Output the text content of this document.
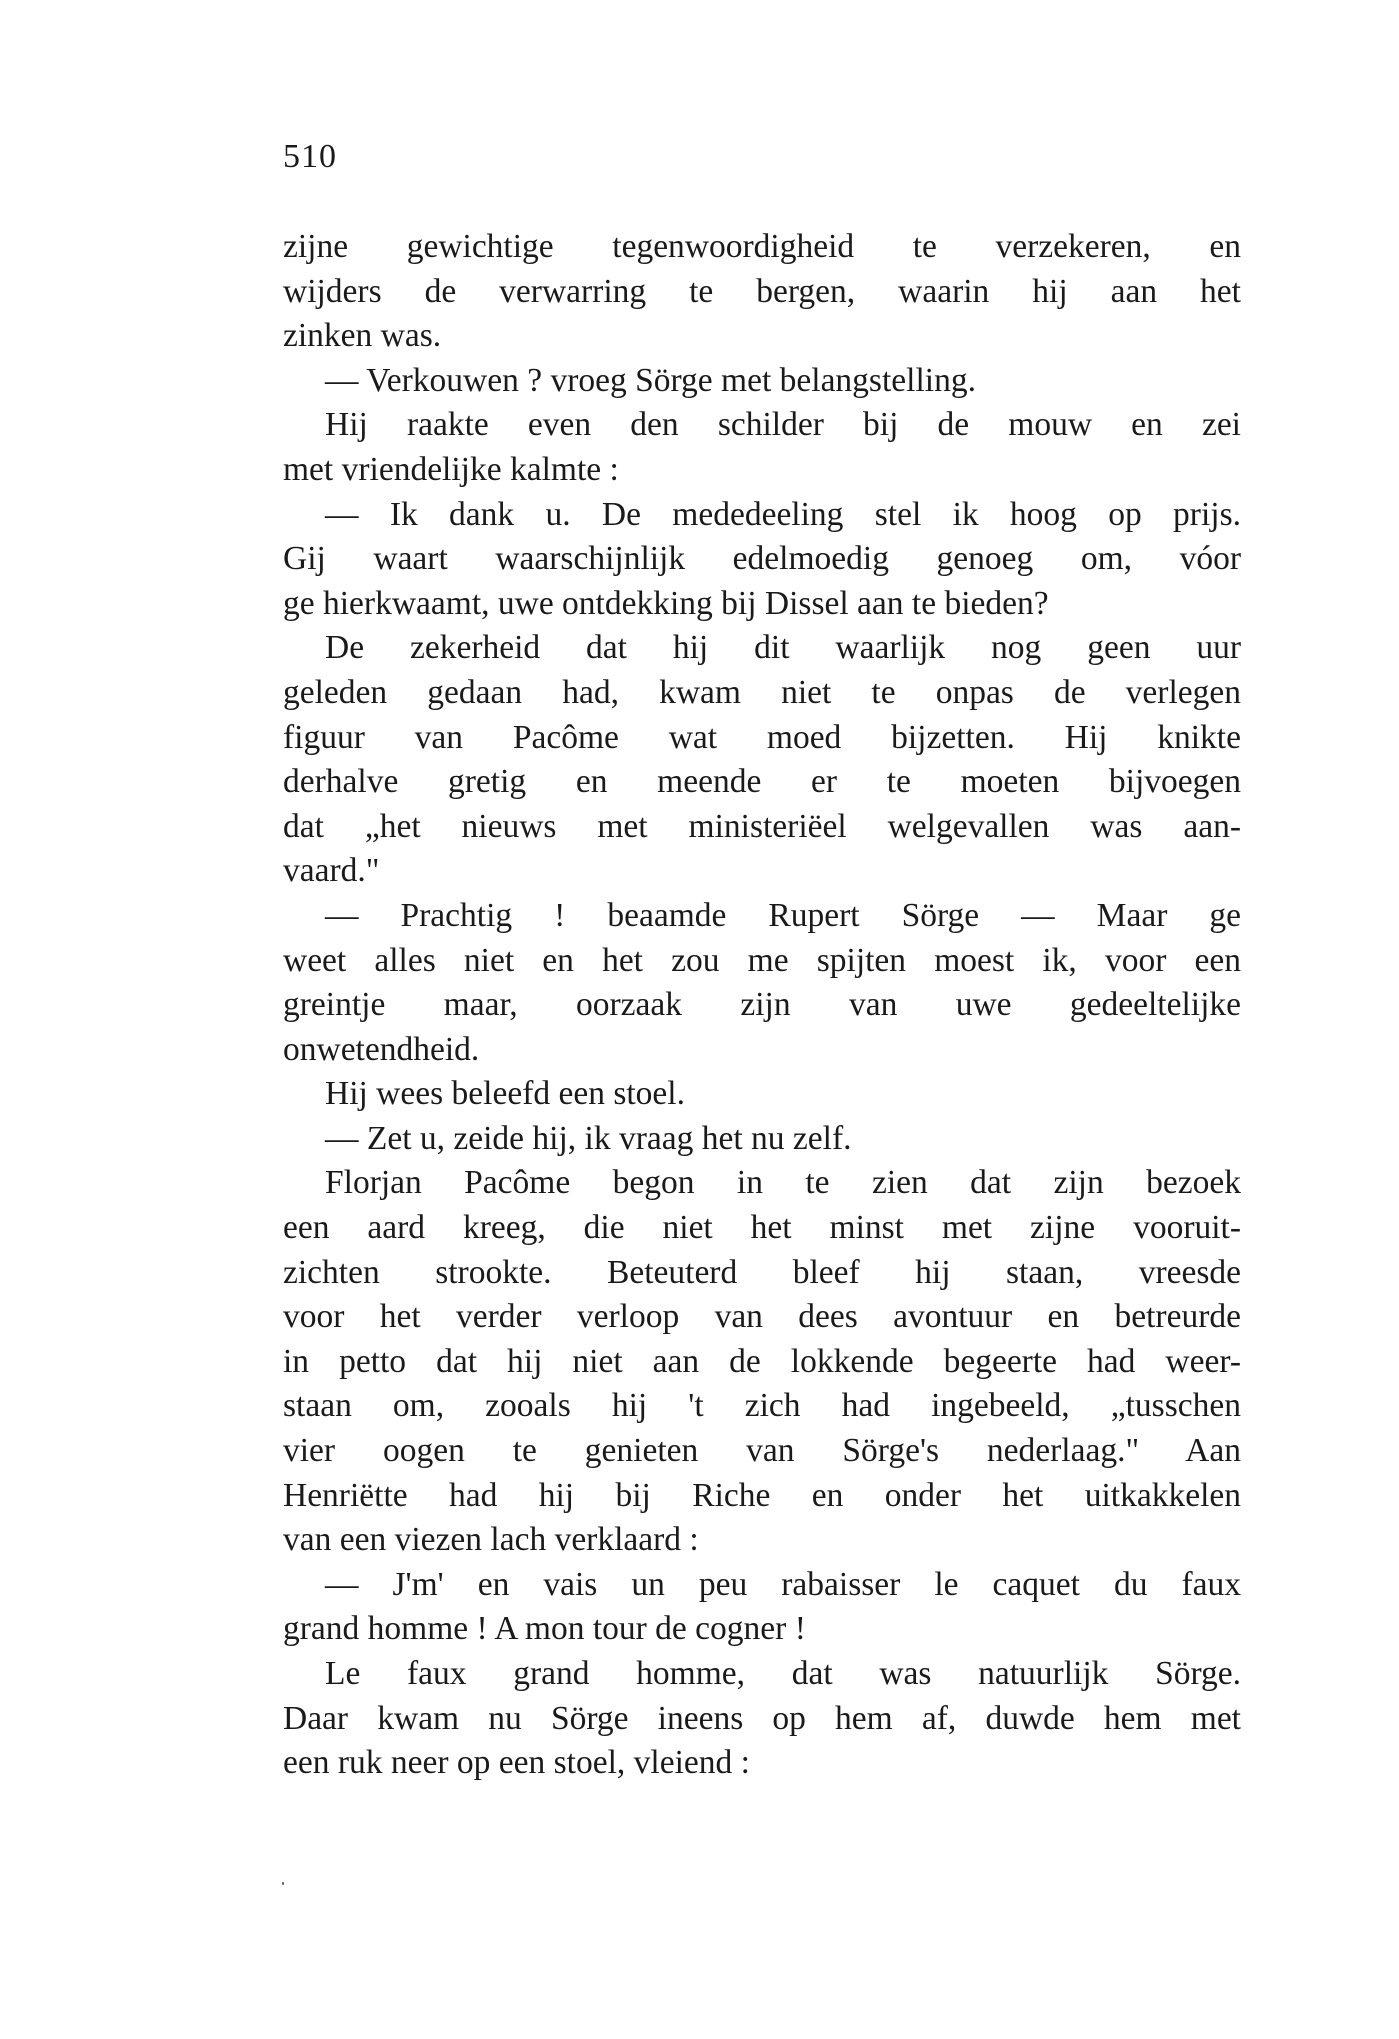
510
zijne gewichtige tegenwoordigheid te verzekeren, en
wijders de verwarring te bergen, waarin hij aan het
zinken was.
— Verkouwen ? vroeg Sörge met belangstelling.
Hij raakte even den schilder bij de mouw en zei
met vriendelijke kalmte :
— Ik dank u. De mededeeling stel ik hoog op prijs.
Gij waart waarschijnlijk edelmoedig genoeg om, vóor
ge hierkwaamt, uwe ontdekking bij Dissel aan te bieden?
De zekerheid dat hij dit waarlijk nog geen uur
geleden gedaan had, kwam niet te onpas de verlegen
figuur van Pacôme wat moed bijzetten. Hij knikte
derhalve gretig en meende er te moeten bijvoegen
dat „het nieuws met ministeriëel welgevallen was aan-
vaard."
— Prachtig ! beaamde Rupert Sörge — Maar ge
weet alles niet en het zou me spijten moest ik, voor een
greintje maar, oorzaak zijn van uwe gedeeltelijke
onwetendheid.
Hij wees beleefd een stoel.
— Zet u, zeide hij, ik vraag het nu zelf.
Florjan Pacôme begon in te zien dat zijn bezoek
een aard kreeg, die niet het minst met zijne vooruit-
zichten strookte. Beteuterd bleef hij staan, vreesde
voor het verder verloop van dees avontuur en betreurde
in petto dat hij niet aan de lokkende begeerte had weer-
staan om, zooals hij 't zich had ingebeeld, „tusschen
vier oogen te genieten van Sörge's nederlaag." Aan
Henriëtte had hij bij Riche en onder het uitkakkelen
van een viezen lach verklaard :
— J'm' en vais un peu rabaisser le caquet du faux
grand homme ! A mon tour de cogner !
Le faux grand homme, dat was natuurlijk Sörge.
Daar kwam nu Sörge ineens op hem af, duwde hem met
een ruk neer op een stoel, vleiend :
